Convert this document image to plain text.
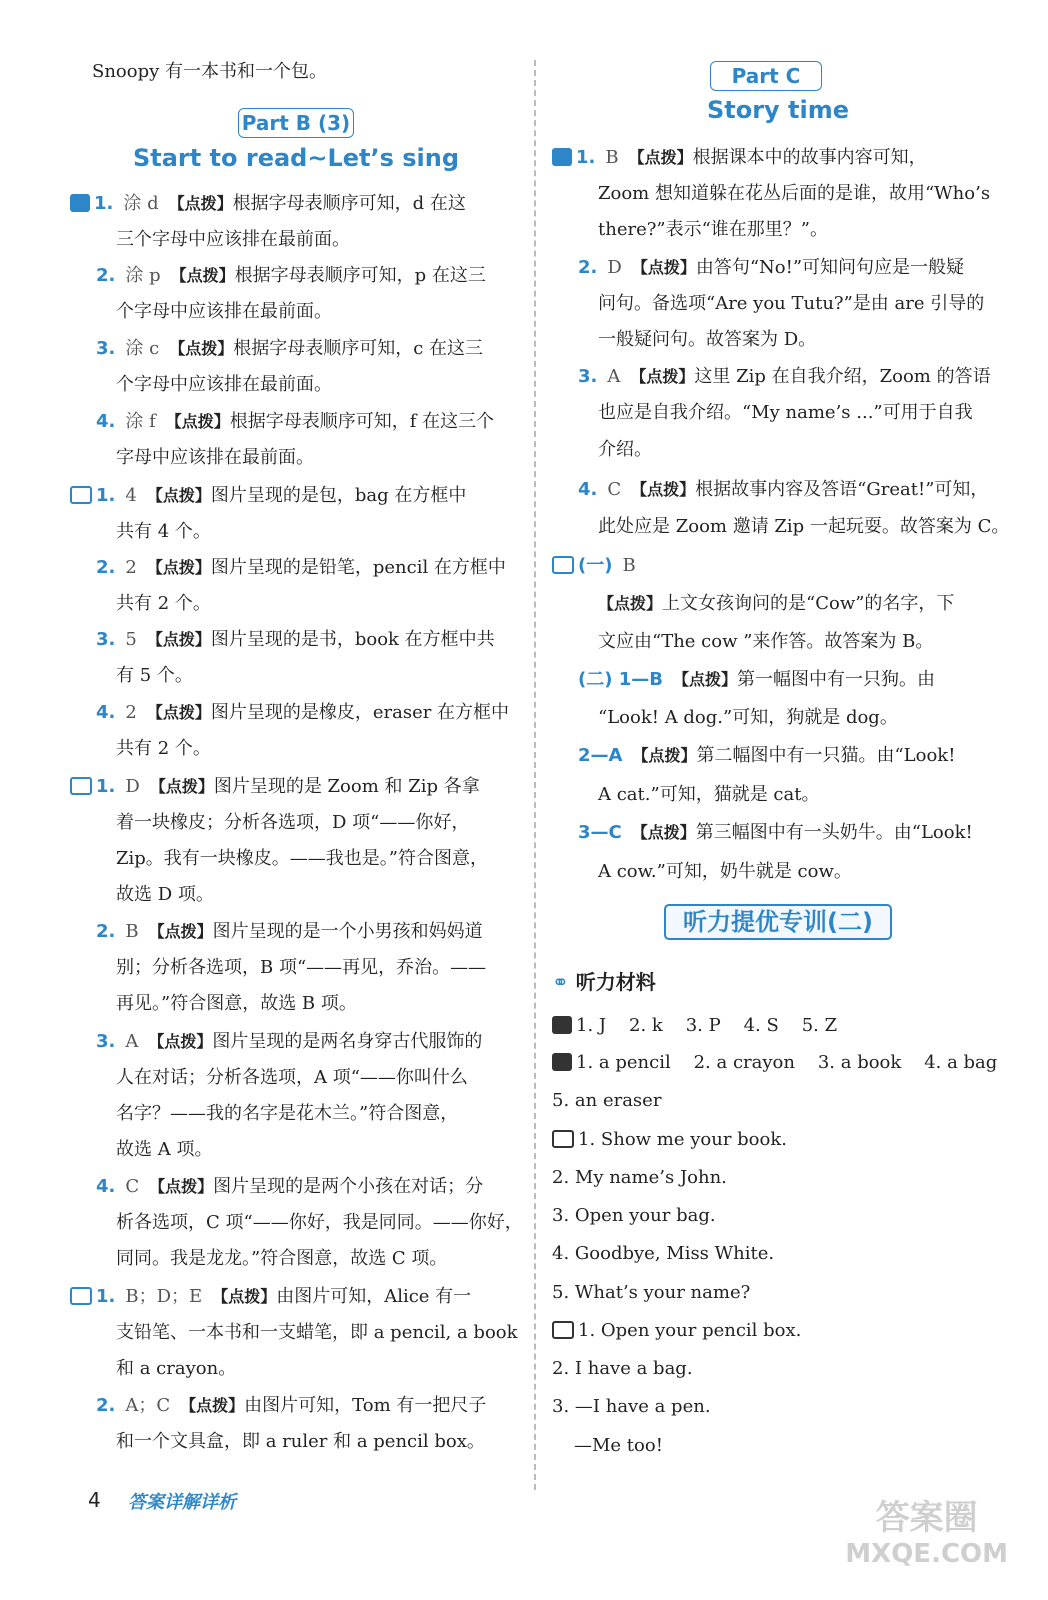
Snoopy 有一本书和一个包。
Part B (3)
Start to read~Let’s sing
Part C
Story time
听力提优专训(二)
⚭ 听力材料
1. 涂 d 【点拨】根据字母表顺序可知，d 在这
三个字母中应该排在最前面。
2. 涂 p 【点拨】根据字母表顺序可知，p 在这三
个字母中应该排在最前面。
3. 涂 c 【点拨】根据字母表顺序可知，c 在这三
个字母中应该排在最前面。
4. 涂 f 【点拨】根据字母表顺序可知，f 在这三个
字母中应该排在最前面。
1. 4 【点拨】图片呈现的是包，bag 在方框中
共有 4 个。
2. 2 【点拨】图片呈现的是铅笔，pencil 在方框中
共有 2 个。
3. 5 【点拨】图片呈现的是书，book 在方框中共
有 5 个。
4. 2 【点拨】图片呈现的是橡皮，eraser 在方框中
共有 2 个。
1. D 【点拨】图片呈现的是 Zoom 和 Zip 各拿
着一块橡皮；分析各选项，D 项“——你好，
Zip。我有一块橡皮。——我也是。”符合图意，
故选 D 项。
2. B 【点拨】图片呈现的是一个小男孩和妈妈道
别；分析各选项，B 项“——再见，乔治。——
再见。”符合图意，故选 B 项。
3. A 【点拨】图片呈现的是两名身穿古代服饰的
人在对话；分析各选项，A 项“——你叫什么
名字？——我的名字是花木兰。”符合图意，
故选 A 项。
4. C 【点拨】图片呈现的是两个小孩在对话；分
析各选项，C 项“——你好，我是同同。——你好，
同同。我是龙龙。”符合图意，故选 C 项。
1. B；D；E 【点拨】由图片可知，Alice 有一
支铅笔、一本书和一支蜡笔，即 a pencil, a book
和 a crayon。
2. A；C 【点拨】由图片可知，Tom 有一把尺子
和一个文具盒，即 a ruler 和 a pencil box。
1. B 【点拨】根据课本中的故事内容可知，
Zoom 想知道躲在花丛后面的是谁，故用“Who’s
there?”表示“谁在那里？”。
2. D 【点拨】由答句“No!”可知问句应是一般疑
问句。备选项“Are you Tutu?”是由 are 引导的
一般疑问句。故答案为 D。
3. A 【点拨】这里 Zip 在自我介绍，Zoom 的答语
也应是自我介绍。“My name’s ...”可用于自我
介绍。
4. C 【点拨】根据故事内容及答语“Great!”可知，
此处应是 Zoom 邀请 Zip 一起玩耍。故答案为 C。
(一) B
【点拨】上文女孩询问的是“Cow”的名字，下
文应由“The cow ”来作答。故答案为 B。
(二) 1—B 【点拨】第一幅图中有一只狗。由
“Look! A dog.”可知，狗就是 dog。
2—A 【点拨】第二幅图中有一只猫。由“Look!
A cat.”可知，猫就是 cat。
3—C 【点拨】第三幅图中有一头奶牛。由“Look!
A cow.”可知，奶牛就是 cow。
1. J    2. k    3. P    4. S    5. Z
1. a pencil    2. a crayon    3. a book    4. a bag
5. an eraser
1. Show me your book.
2. My name’s John.
3. Open your bag.
4. Goodbye, Miss White.
5. What’s your name?
1. Open your pencil box.
2. I have a bag.
3. —I have a pen.
—Me too!
4 答案详解详析	答案圈
MXQE.COM
